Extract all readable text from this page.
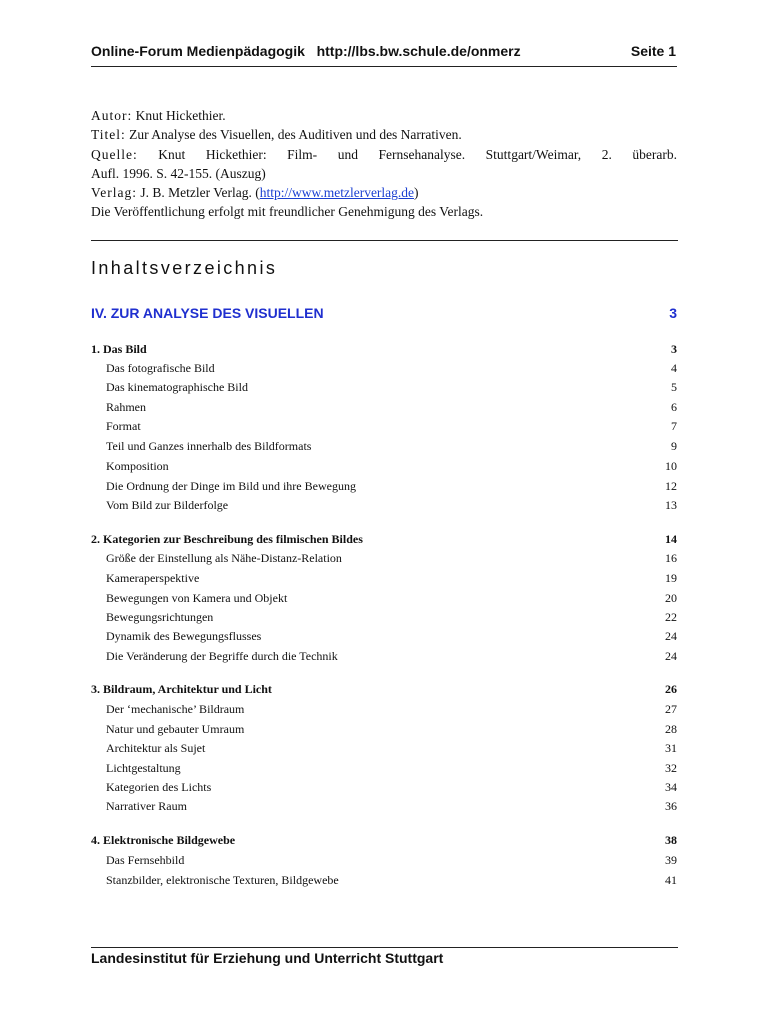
Online-Forum Medienpädagogik   http://lbs.bw.schule.de/onmerz	Seite 1
Autor: Knut Hickethier.
Titel: Zur Analyse des Visuellen, des Auditiven und des Narrativen.
Quelle: Knut Hickethier: Film- und Fernsehanalyse. Stuttgart/Weimar, 2. überarb.
Aufl. 1996. S. 42-155. (Auszug)
Verlag: J. B. Metzler Verlag. (http://www.metzlerverlag.de)
Die Veröffentlichung erfolgt mit freundlicher Genehmigung des Verlags.
Inhaltsverzeichnis
IV. ZUR ANALYSE DES VISUELLEN	3
1. Das Bild	3
Das fotografische Bild	4
Das kinematographische Bild	5
Rahmen	6
Format	7
Teil und Ganzes innerhalb des Bildformats	9
Komposition	10
Die Ordnung der Dinge im Bild und ihre Bewegung	12
Vom Bild zur Bilderfolge	13
2. Kategorien zur Beschreibung des filmischen Bildes	14
Größe der Einstellung als Nähe-Distanz-Relation	16
Kameraperspektive	19
Bewegungen von Kamera und Objekt	20
Bewegungsrichtungen	22
Dynamik des Bewegungsflusses	24
Die Veränderung der Begriffe durch die Technik	24
3. Bildraum, Architektur und Licht	26
Der ‘mechanische’ Bildraum	27
Natur und gebauter Umraum	28
Architektur als Sujet	31
Lichtgestaltung	32
Kategorien des Lichts	34
Narrativer Raum	36
4. Elektronische Bildgewebe	38
Das Fernsehbild	39
Stanzbilder, elektronische Texturen, Bildgewebe	41
Landesinstitut für Erziehung und Unterricht Stuttgart
